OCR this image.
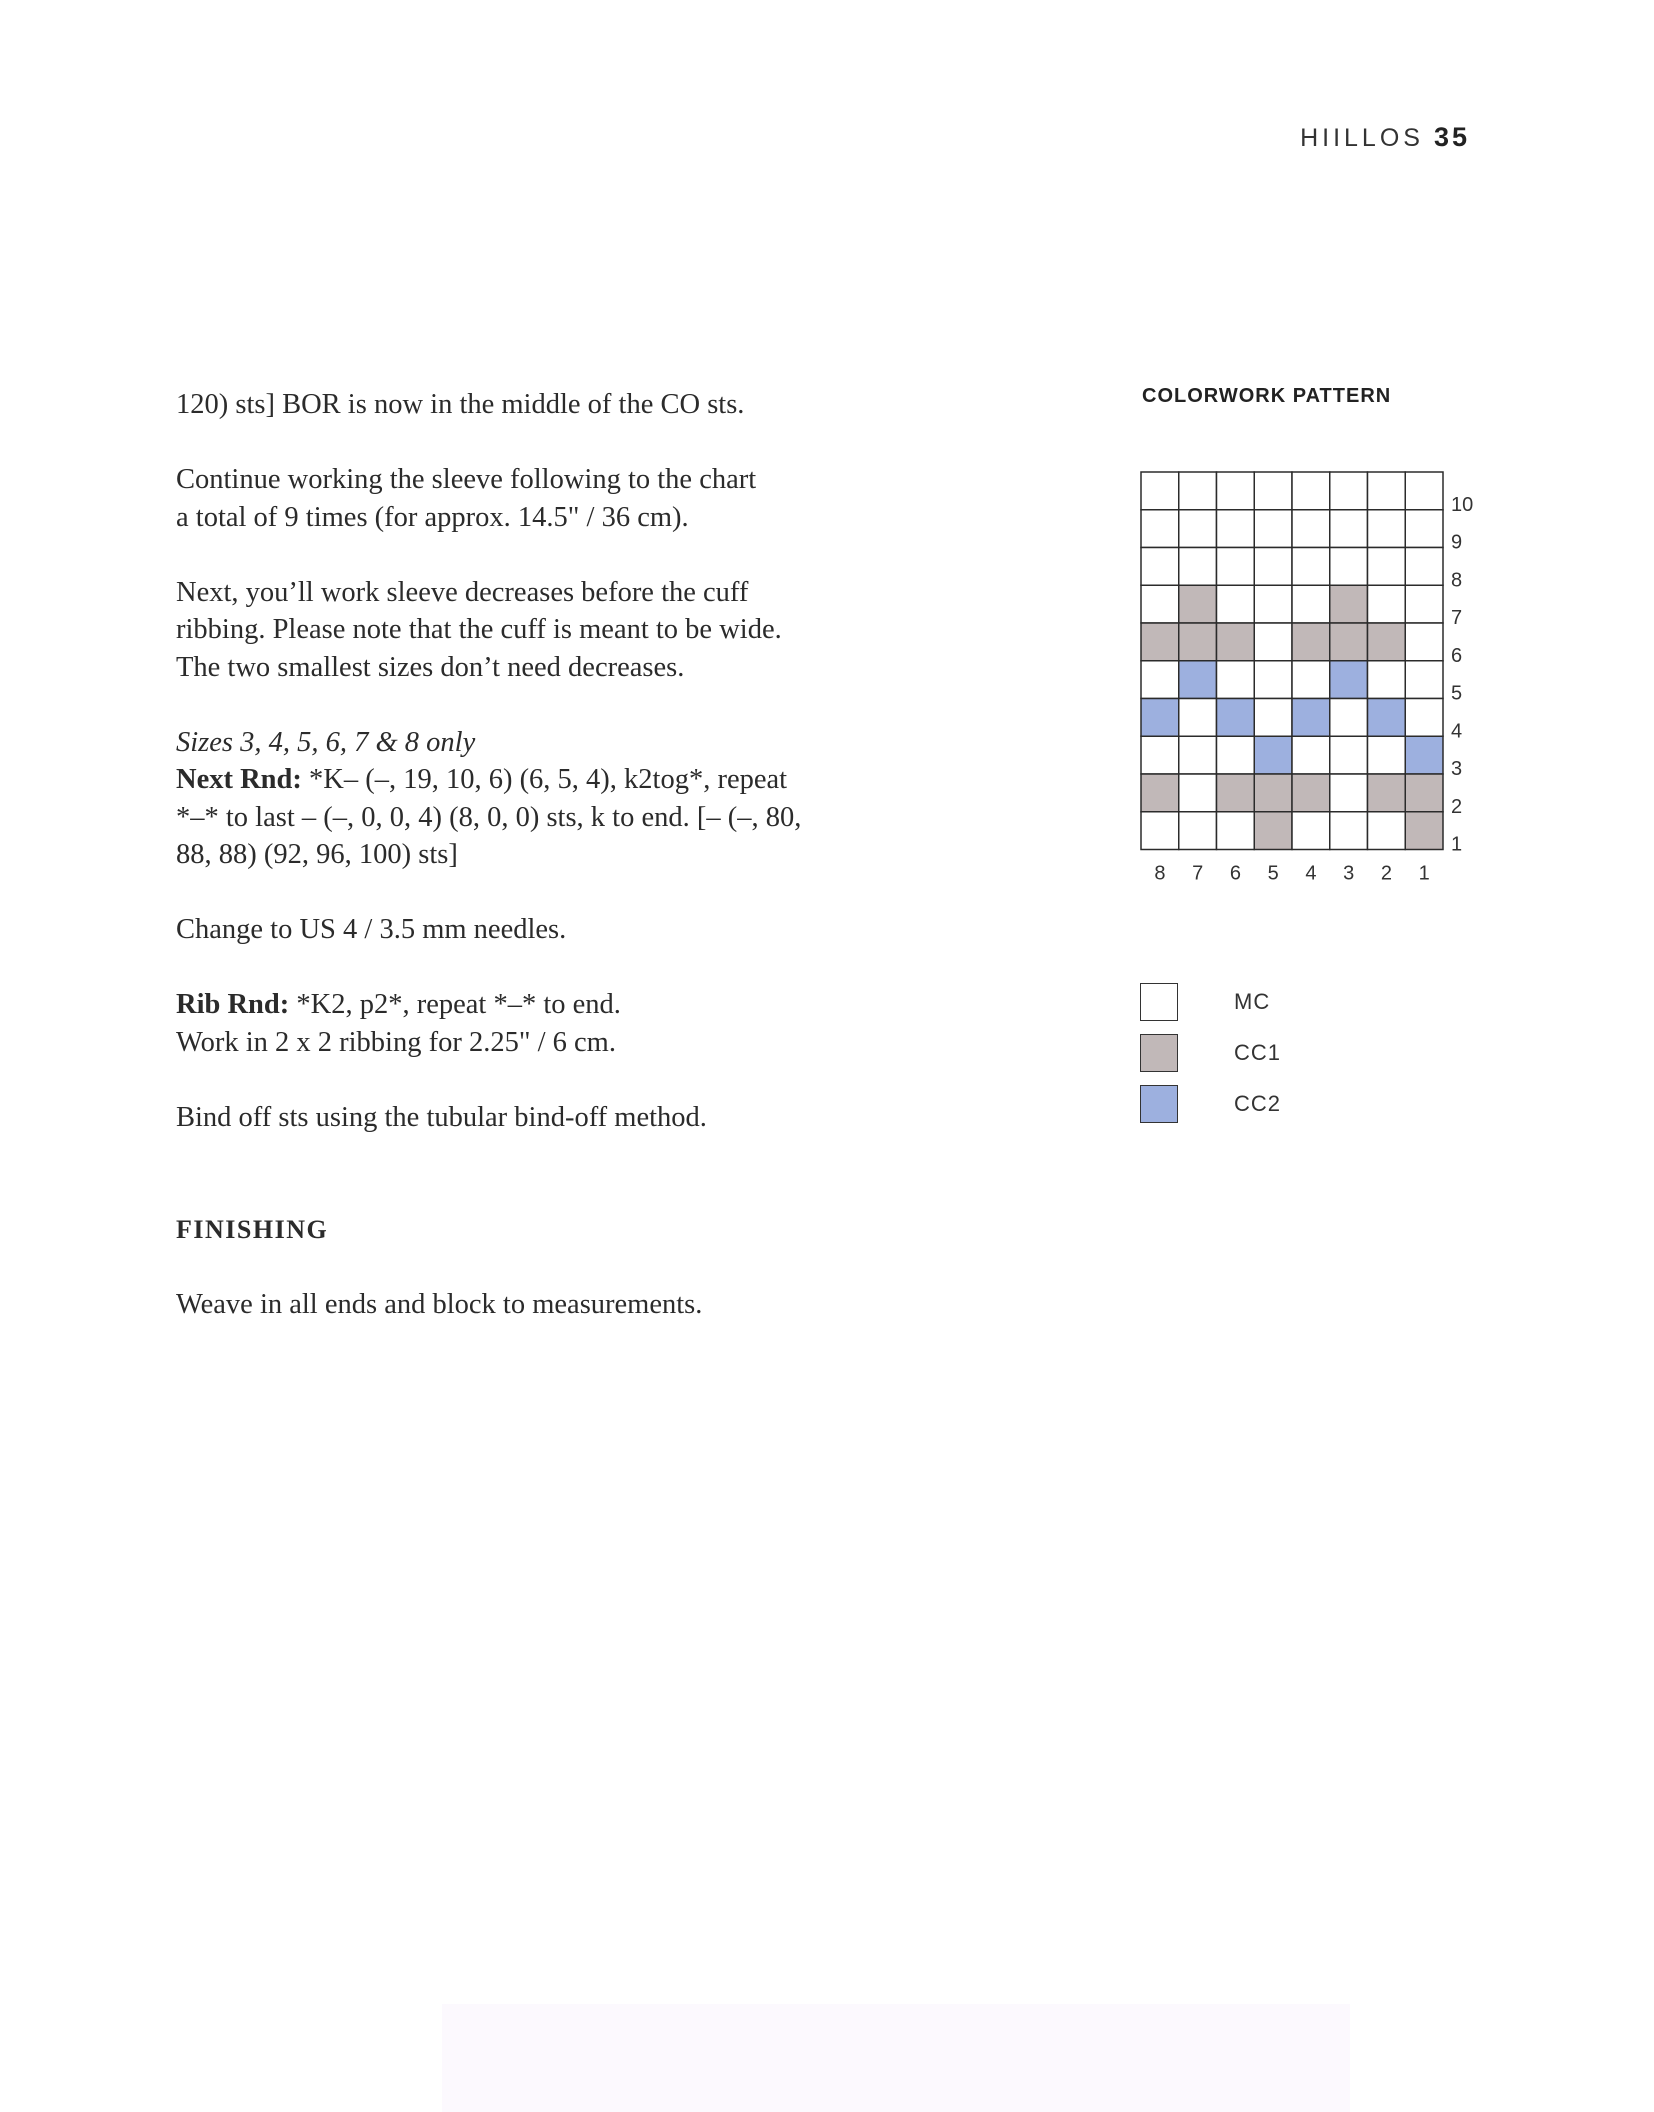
HIILLOS 35

120) sts] BOR is now in the middle of the CO sts.

Continue working the sleeve following to the chart
a total of 9 times (for approx. 14.5" / 36 cm).

Next, you’ll work sleeve decreases before the cuff
ribbing. Please note that the cuff is meant to be wide.
The two smallest sizes don’t need decreases.

Sizes 3, 4, 5, 6, 7 & 8 only
Next Rnd: *K– (–, 19, 10, 6) (6, 5, 4), k2tog*, repeat
*–* to last – (–, 0, 0, 4) (8, 0, 0) sts, k to end. [– (–, 80,
88, 88) (92, 96, 100) sts]

Change to US 4 / 3.5 mm needles.

Rib Rnd: *K2, p2*, repeat *–* to end.
Work in 2 x 2 ribbing for 2.25" / 6 cm.

Bind off sts using the tubular bind-off method.

FINISHING

Weave in all ends and block to measurements.

COLORWORK PATTERN
10
9
8
7
6
5
4
3
2
1
8 7 6 5 4 3 2 1
MC
CC1
CC2
